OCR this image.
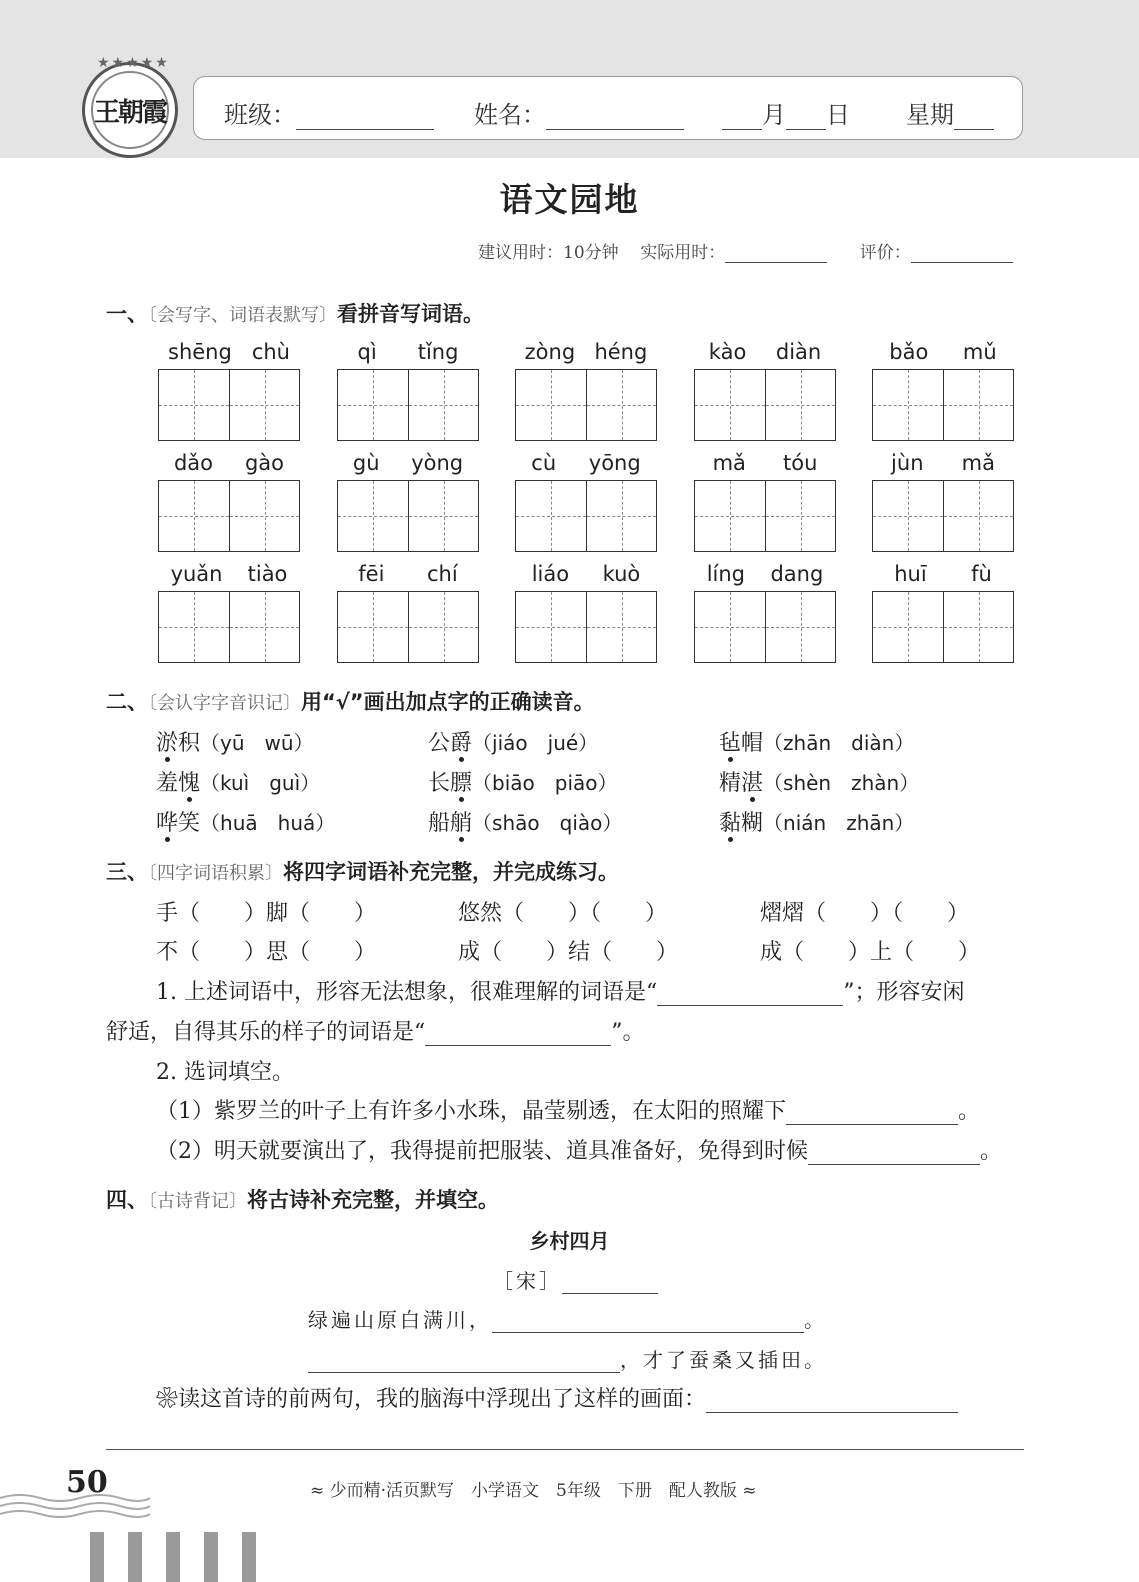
★★★★★
王朝霞 班级：	姓名：	月 日 星期
语文园地
建议用时：10分钟 实际用时：	评价：
一、〔会写字、词语表默写〕看拼音写词语。
shēng chù	qì tǐng	zòng héng	kào diàn	bǎo mǔ
dǎo gào	gù yòng	cù yōng	mǎ tóu	jùn mǎ
yuǎn tiào	fēi chí	liáo kuò	líng dang	huī fù
二、〔会认字字音识记〕用“√”画出加点字的正确读音。
淤积（yū　wū）	公爵（jiáo　jué）	毡帽（zhān　diàn）
羞愧（kuì　guì）	长膘（biāo　piāo）	精湛（shèn　zhàn）
哗笑（huā　huá）	船艄（shāo　qiào）	黏糊（nián　zhān）
三、〔四字词语积累〕将四字词语补充完整，并完成练习。
手（　　）脚（　　）	悠然（　　）（　　）	熠熠（　　）（　　）
不（　　）思（　　）	成（　　）结（　　）	成（　　）上（　　）
1. 上述词语中，形容无法想象，很难理解的词语是“	”；形容安闲
舒适，自得其乐的样子的词语是“	”。
2. 选词填空。
（1）紫罗兰的叶子上有许多小水珠，晶莹剔透，在太阳的照耀下	。
（2）明天就要演出了，我得提前把服装、道具准备好，免得到时候	。
四、〔古诗背记〕将古诗补充完整，并填空。
乡村四月
［宋］
绿遍山原白满川，	。
，才了蚕桑又插田。
❀读这首诗的前两句，我的脑海中浮现出了这样的画面：
50	≈ 少而精·活页默写　小学语文　5年级　下册　配人教版 ≈
